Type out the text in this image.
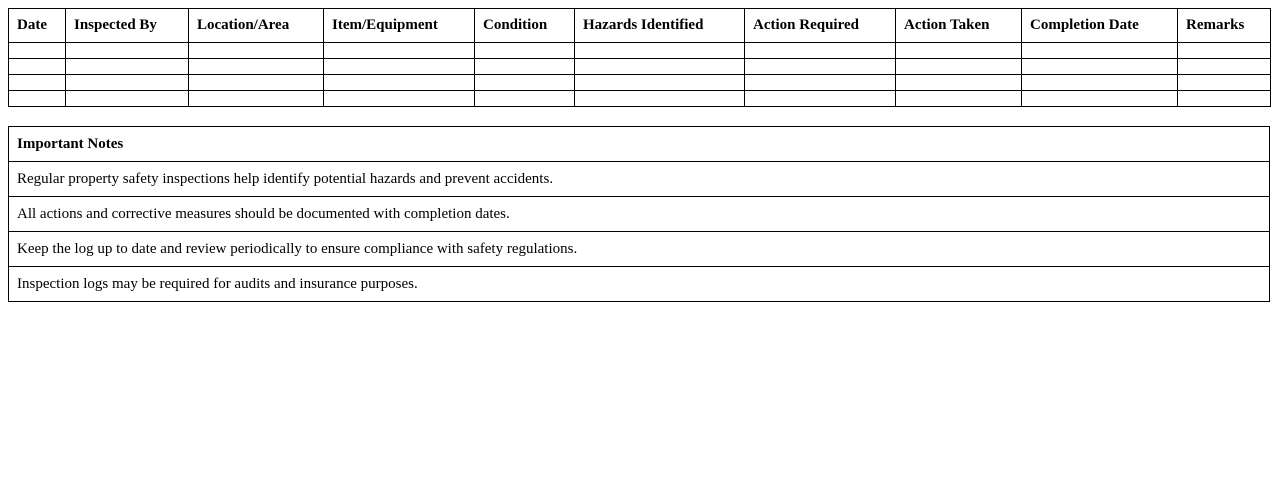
Date	Inspected By	Location/Area	Item/Equipment	Condition	Hazards Identified	Action Required	Action Taken	Completion Date	Remarks

Important Notes
Regular property safety inspections help identify potential hazards and prevent accidents.
All actions and corrective measures should be documented with completion dates.
Keep the log up to date and review periodically to ensure compliance with safety regulations.
Inspection logs may be required for audits and insurance purposes.
